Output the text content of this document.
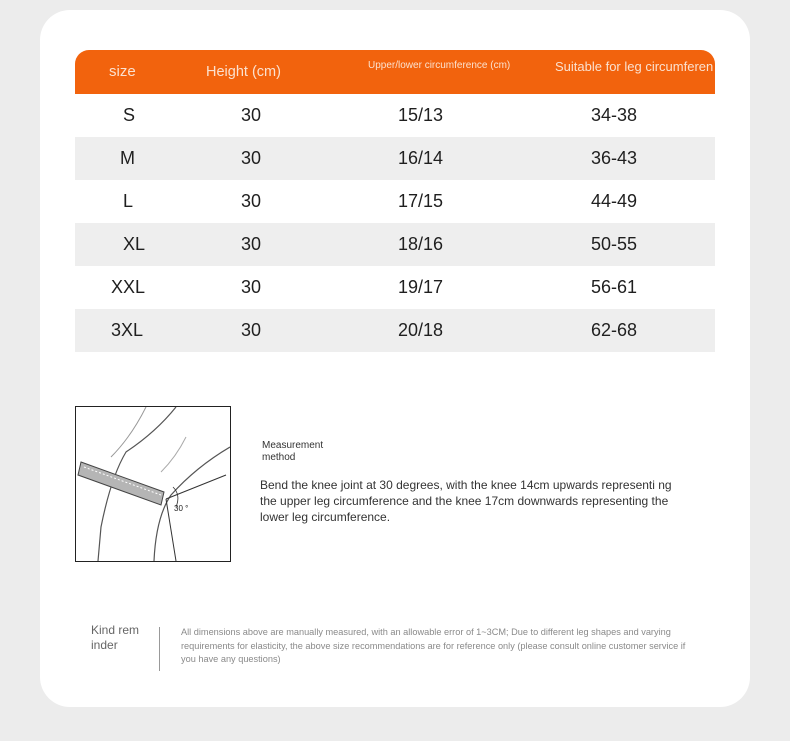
size	Height (cm)	Upper/lower circumference (cm)	Suitable for leg circumferen
S	30	15/13	34-38
M	30	16/14	36-43
L	30	17/15	44-49
XL	30	18/16	50-55
XXL	30	19/17	56-61
3XL	30	20/18	62-68
30 °
Measurement
method
Bend the knee joint at 30 degrees, with the knee 14cm upwards representi ng the upper leg circumference and the knee 17cm downwards representing the lower leg circumference.
Kind reminder
All dimensions above are manually measured, with an allowable error of 1~3CM; Due to different leg shapes and varying requirements for elasticity, the above size recommendations are for reference only (please consult online customer service if you have any questions)
